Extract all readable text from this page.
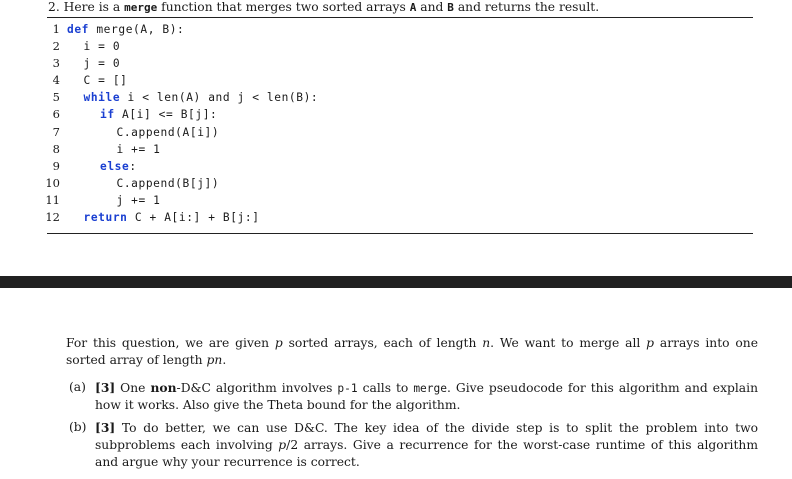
2. Here is a merge function that merges two sorted arrays A and B and returns the result.
1 def merge(A, B):
2 i = 0
3 j = 0
4 C = []
5 while i < len(A) and j < len(B):
6	if A[i] <= B[j]:
7	C.append(A[i])
8	i += 1
9	else:
10	C.append(B[j])
11	j += 1
12 return C + A[i:] + B[j:]
For this question, we are given p sorted arrays, each of length n. We want to merge all p arrays into one sorted array of length pn.
(a) [3] One non-D&C algorithm involves p-1 calls to merge. Give pseudocode for this algorithm and explain how it works. Also give the Theta bound for the algorithm.
(b) [3] To do better, we can use D&C. The key idea of the divide step is to split the problem into two subproblems each involving p/2 arrays. Give a recurrence for the worst-case runtime of this algorithm and argue why your recurrence is correct.
